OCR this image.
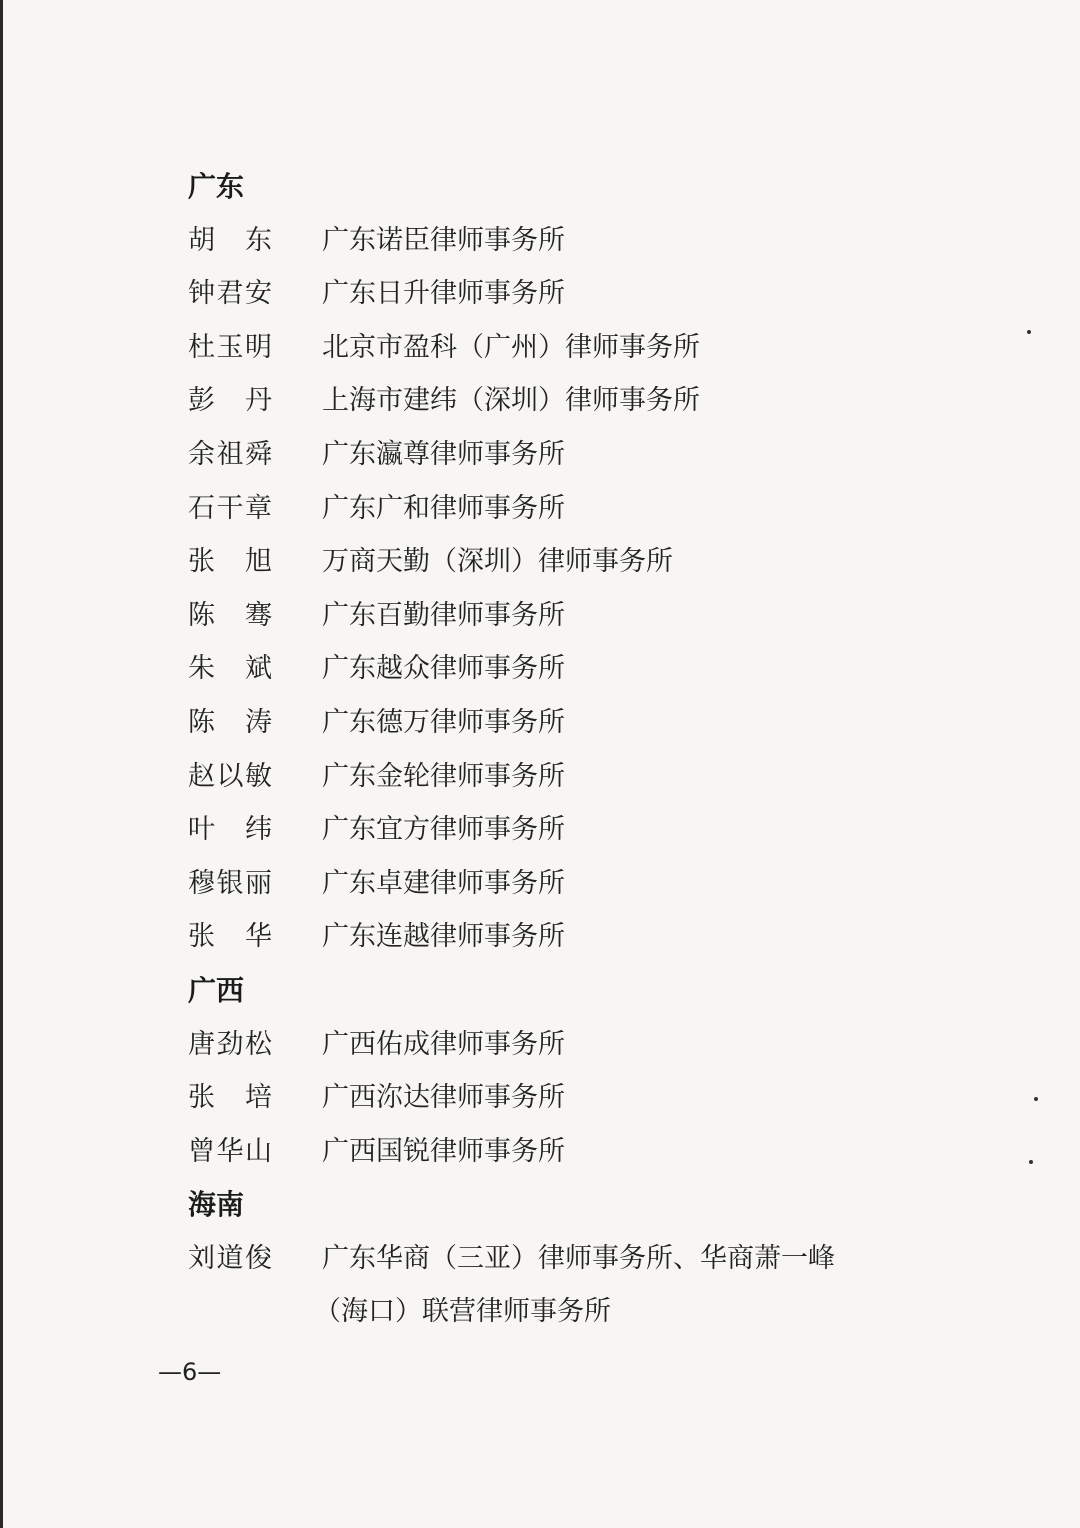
广东
胡 东	广东诺臣律师事务所
钟君安	广东日升律师事务所
杜玉明	北京市盈科（广州）律师事务所
彭 丹	上海市建纬（深圳）律师事务所
余祖舜	广东瀛尊律师事务所
石干章	广东广和律师事务所
张 旭	万商天勤（深圳）律师事务所
陈 骞	广东百勤律师事务所
朱 斌	广东越众律师事务所
陈 涛	广东德万律师事务所
赵以敏	广东金轮律师事务所
叶 纬	广东宜方律师事务所
穆银丽	广东卓建律师事务所
张 华	广东连越律师事务所
广西
唐劲松	广西佑成律师事务所
张 培	广西沵达律师事务所
曾华山	广西国锐律师事务所
海南
刘道俊	广东华商（三亚）律师事务所、华商萧一峰
（海口）联营律师事务所
—6—
